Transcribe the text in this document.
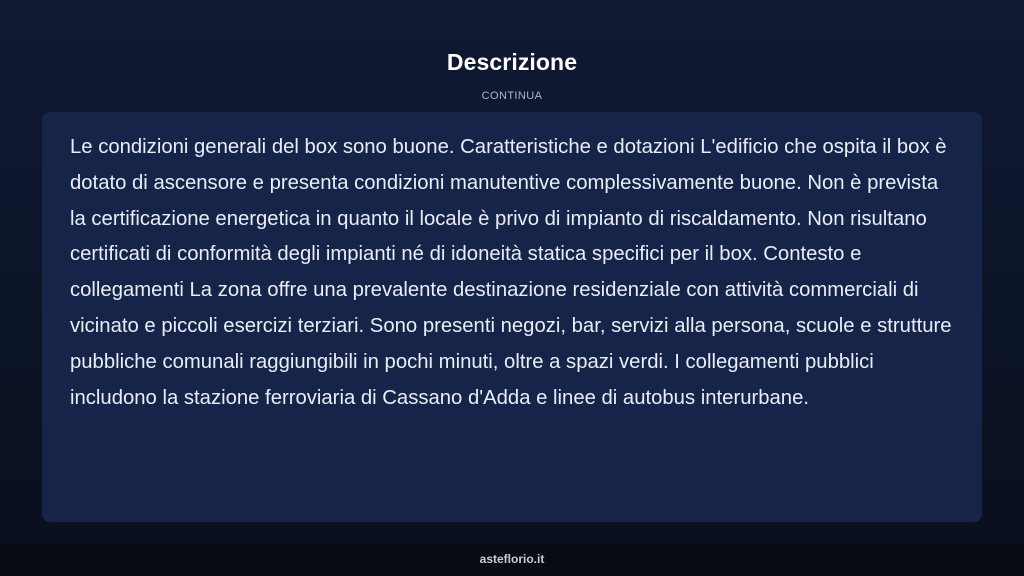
Descrizione
CONTINUA

Le condizioni generali del box sono buone. Caratteristiche e dotazioni L'edificio che ospita il box è dotato di ascensore e presenta condizioni manutentive complessivamente buone. Non è prevista la certificazione energetica in quanto il locale è privo di impianto di riscaldamento. Non risultano certificati di conformità degli impianti né di idoneità statica specifici per il box. Contesto e collegamenti La zona offre una prevalente destinazione residenziale con attività commerciali di vicinato e piccoli esercizi terziari. Sono presenti negozi, bar, servizi alla persona, scuole e strutture pubbliche comunali raggiungibili in pochi minuti, oltre a spazi verdi. I collegamenti pubblici includono la stazione ferroviaria di Cassano d'Adda e linee di autobus interurbane.

asteflorio.it
